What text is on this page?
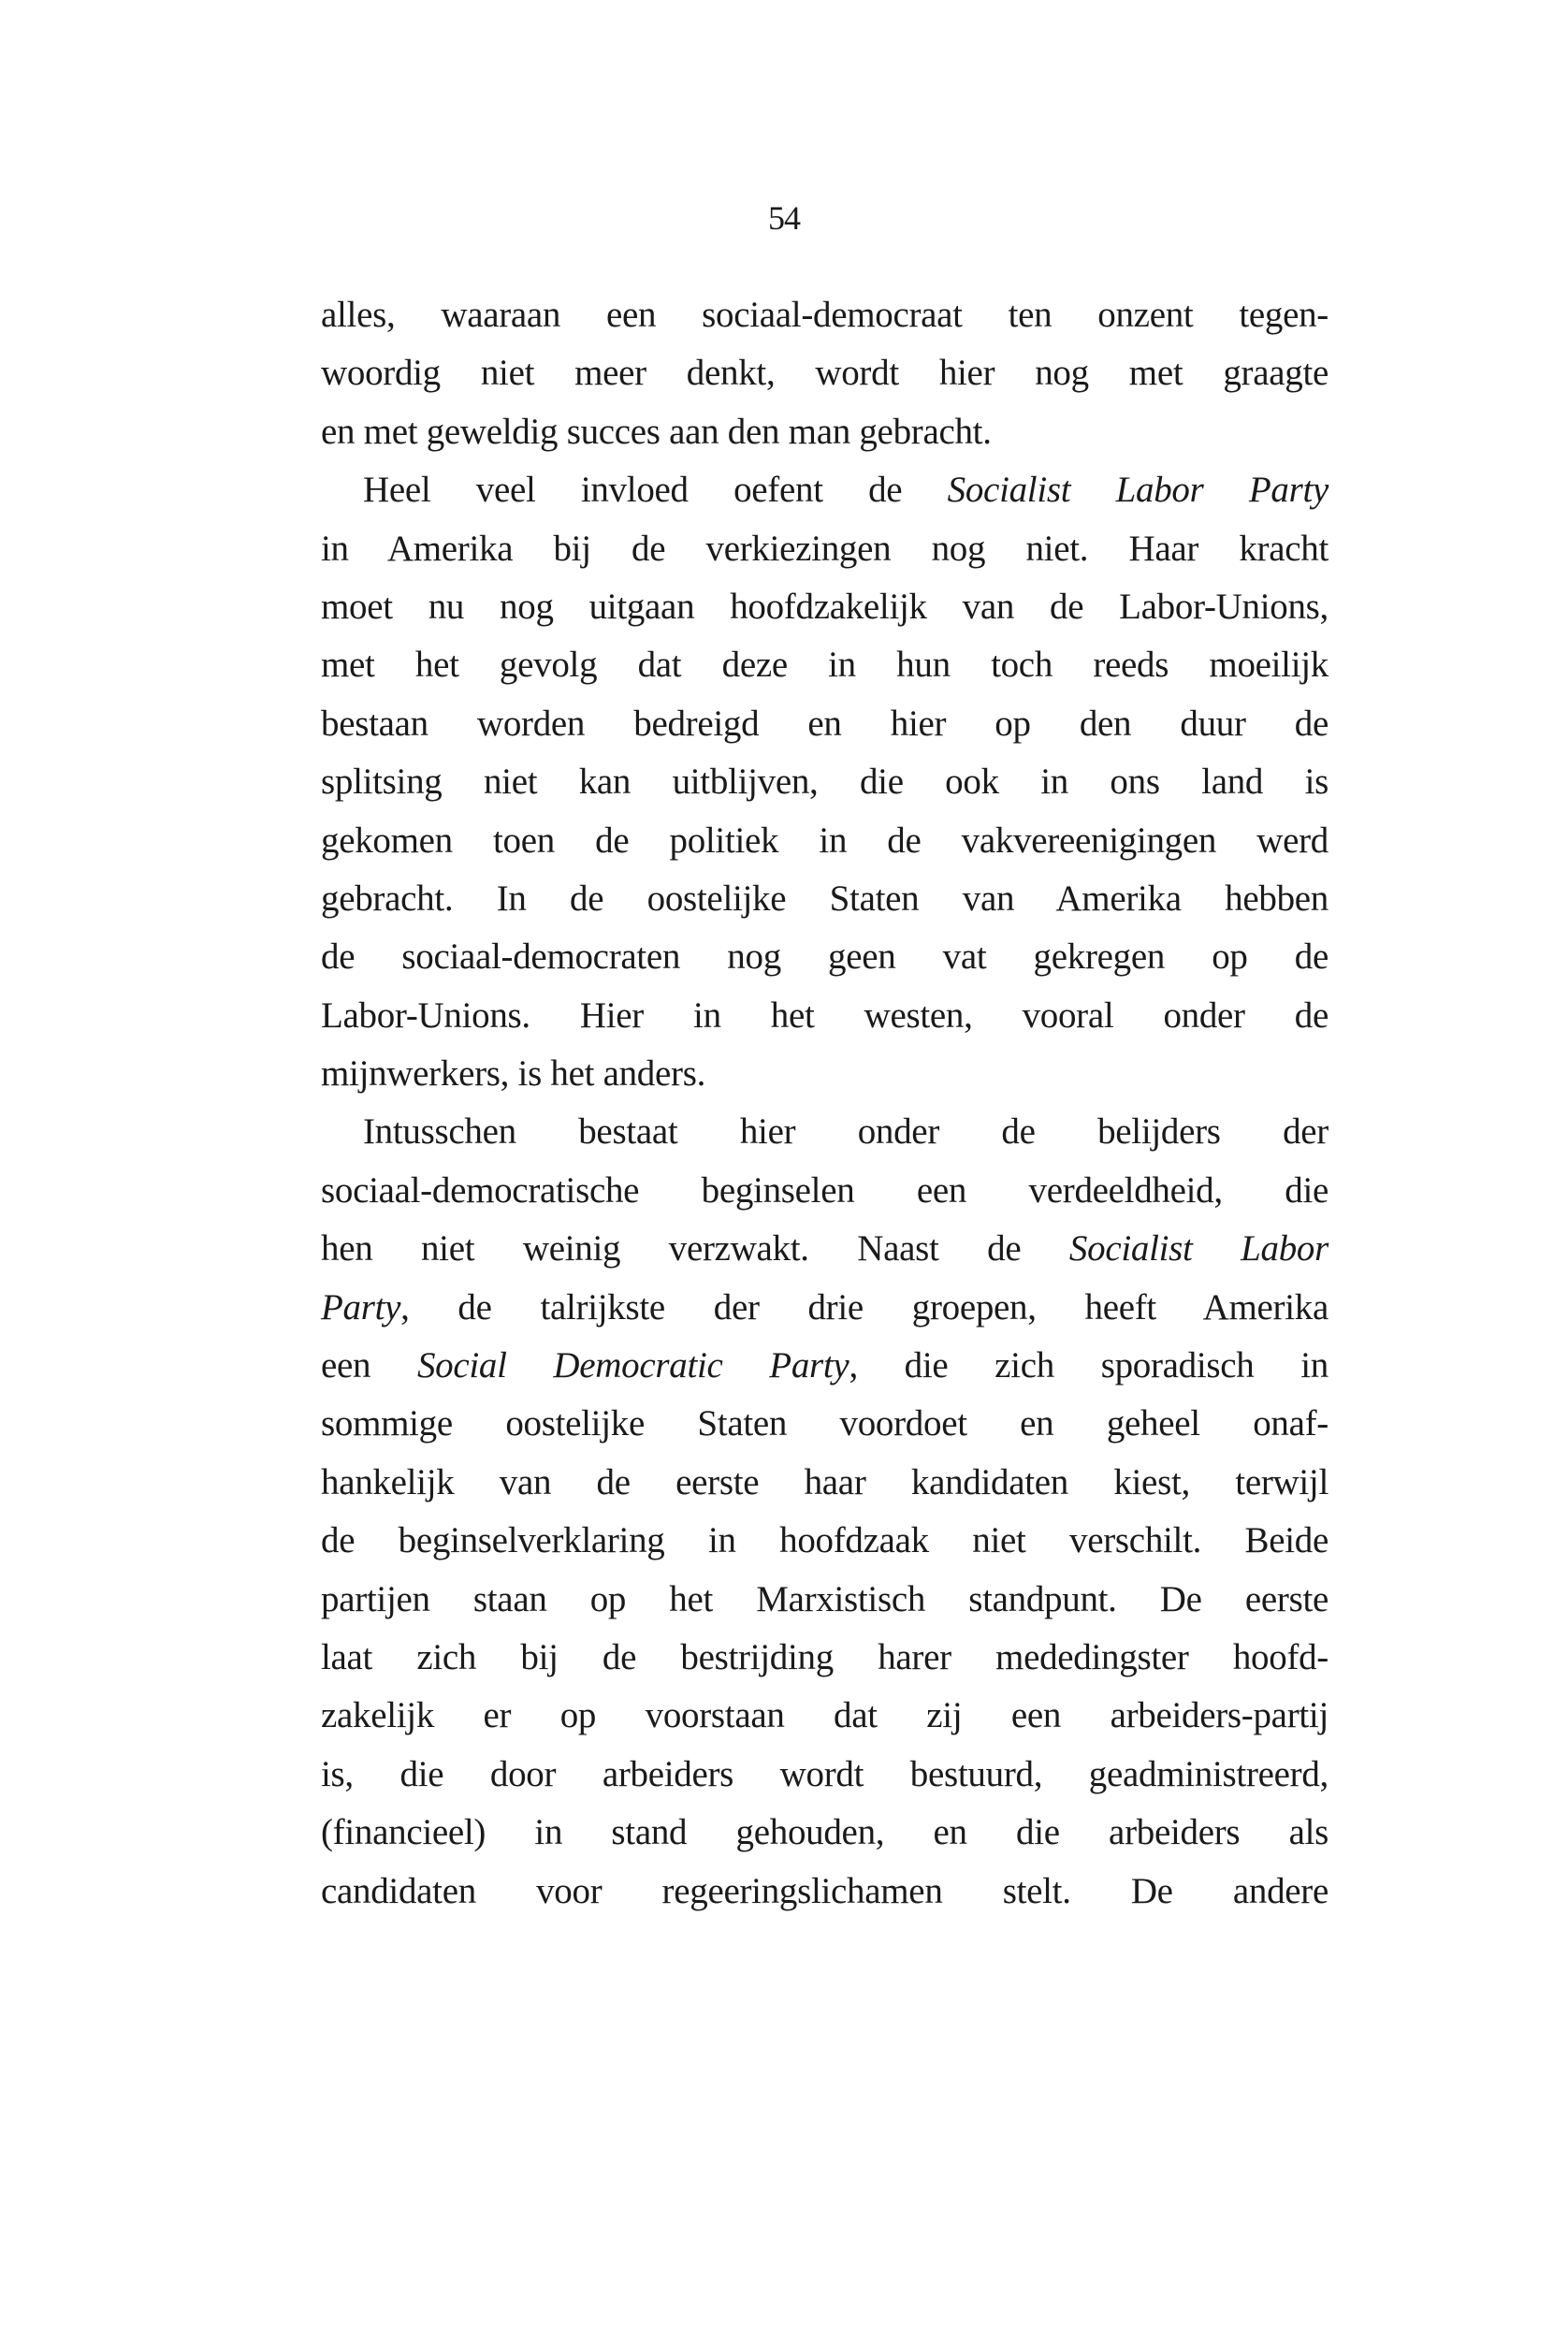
54
alles, waaraan een sociaal-democraat ten onzent tegen-
woordig niet meer denkt, wordt hier nog met graagte
en met geweldig succes aan den man gebracht.
Heel veel invloed oefent de Socialist Labor Party
in Amerika bij de verkiezingen nog niet. Haar kracht
moet nu nog uitgaan hoofdzakelijk van de Labor-Unions,
met het gevolg dat deze in hun toch reeds moeilijk
bestaan worden bedreigd en hier op den duur de
splitsing niet kan uitblijven, die ook in ons land is
gekomen toen de politiek in de vakvereenigingen werd
gebracht. In de oostelijke Staten van Amerika hebben
de sociaal-democraten nog geen vat gekregen op de
Labor-Unions. Hier in het westen, vooral onder de
mijnwerkers, is het anders.
Intusschen bestaat hier onder de belijders der
sociaal-democratische beginselen een verdeeldheid, die
hen niet weinig verzwakt. Naast de Socialist Labor
Party, de talrijkste der drie groepen, heeft Amerika
een Social Democratic Party, die zich sporadisch in
sommige oostelijke Staten voordoet en geheel onaf-
hankelijk van de eerste haar kandidaten kiest, terwijl
de beginselverklaring in hoofdzaak niet verschilt. Beide
partijen staan op het Marxistisch standpunt. De eerste
laat zich bij de bestrijding harer mededingster hoofd-
zakelijk er op voorstaan dat zij een arbeiders-partij
is, die door arbeiders wordt bestuurd, geadministreerd,
(financieel) in stand gehouden, en die arbeiders als
candidaten voor regeeringslichamen stelt. De andere
